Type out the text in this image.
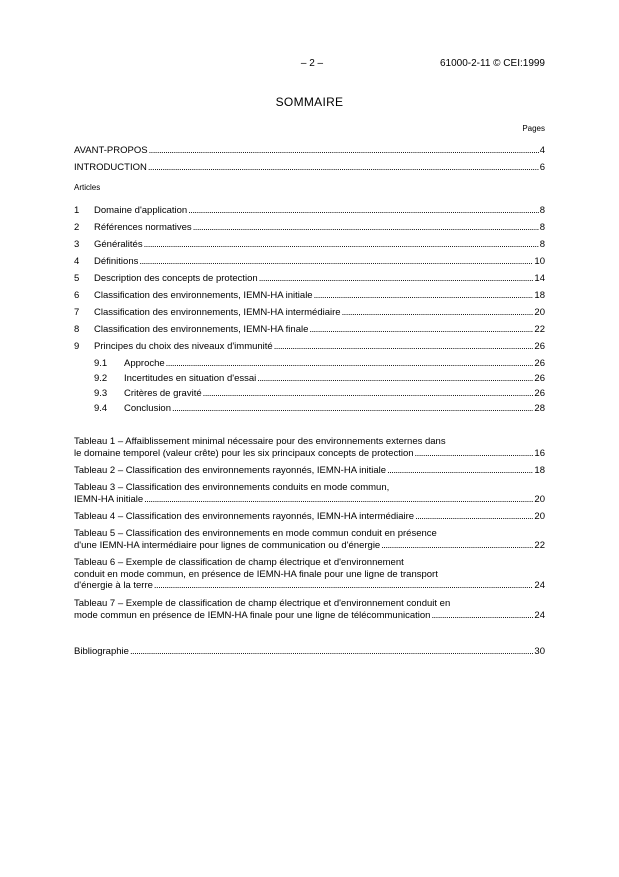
– 2 –	61000-2-11 © CEI:1999
SOMMAIRE
Pages
AVANT-PROPOS . . .	4
INTRODUCTION . . .	6
Articles
1	Domaine d'application . . .	8
2	Références normatives . . .	8
3	Généralités . . .	8
4	Définitions . . .	10
5	Description des concepts de protection . . .	14
6	Classification des environnements, IEMN-HA initiale . . .	18
7	Classification des environnements, IEMN-HA intermédiaire . . .	20
8	Classification des environnements, IEMN-HA finale . . .	22
9	Principes du choix des niveaux d'immunité . . .	26
9.1	Approche . . .	26
9.2	Incertitudes en situation d'essai . . .	26
9.3	Critères de gravité . . .	26
9.4	Conclusion . . .	28
Tableau 1 – Affaiblissement minimal nécessaire pour des environnements externes dans
le domaine temporel (valeur crête) pour les six principaux concepts de protection . . .	16
Tableau 2 – Classification des environnements rayonnés, IEMN-HA initiale . . .	18
Tableau 3 – Classification des environnements conduits en mode commun,
IEMN-HA initiale . . .	20
Tableau 4 – Classification des environnements rayonnés, IEMN-HA intermédiaire . . .	20
Tableau 5 – Classification des environnements en mode commun conduit en présence
d'une IEMN-HA intermédiaire pour lignes de communication ou d'énergie . . .	22
Tableau 6 – Exemple de classification de champ électrique et d'environnement
conduit en mode commun, en présence de IEMN-HA finale pour une ligne de transport
d'énergie à la terre . . .	24
Tableau 7 – Exemple de classification de champ électrique et d'environnement conduit en
mode commun en présence de IEMN-HA finale pour une ligne de télécommunication . . .	24
Bibliographie . . .	30
